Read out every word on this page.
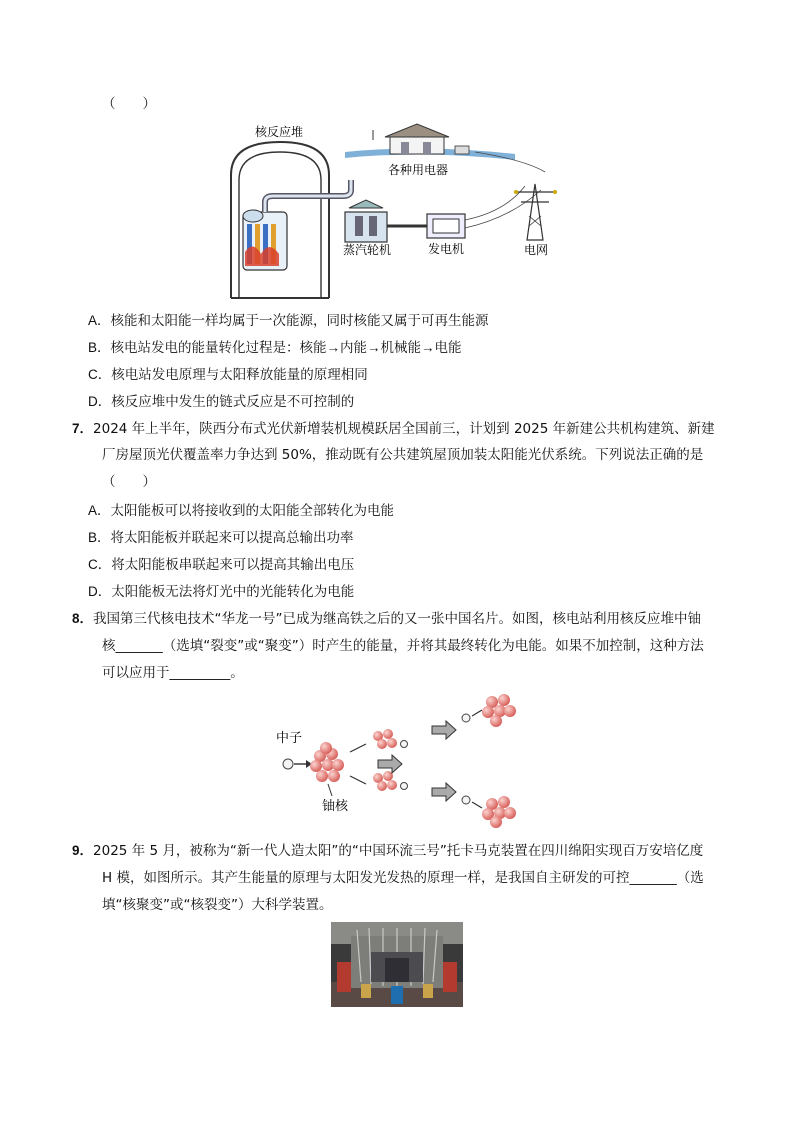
（　　）
核反应堆
各种用电器
蒸汽轮机	发电机	电网
A．核能和太阳能一样均属于一次能源，同时核能又属于可再生能源
B．核电站发电的能量转化过程是：核能→内能→机械能→电能
C．核电站发电原理与太阳释放能量的原理相同
D．核反应堆中发生的链式反应是不可控制的
7．2024 年上半年，陕西分布式光伏新增装机规模跃居全国前三，计划到 2025 年新建公共机构建筑、新建
厂房屋顶光伏覆盖率力争达到 50%，推动既有公共建筑屋顶加装太阳能光伏系统。下列说法正确的是
（　　）
A．太阳能板可以将接收到的太阳能全部转化为电能
B．将太阳能板并联起来可以提高总输出功率
C．将太阳能板串联起来可以提高其输出电压
D．太阳能板无法将灯光中的光能转化为电能
8．我国第三代核电技术“华龙一号”已成为继高铁之后的又一张中国名片。如图，核电站利用核反应堆中铀
核_______（选填“裂变”或“聚变”）时产生的能量，并将其最终转化为电能。如果不加控制，这种方法
可以应用于_________。
中子
铀核
9．2025 年 5 月，被称为“新一代人造太阳”的“中国环流三号”托卡马克装置在四川绵阳实现百万安培亿度
H 模，如图所示。其产生能量的原理与太阳发光发热的原理一样，是我国自主研发的可控_______（选
填“核聚变”或“核裂变”）大科学装置。
